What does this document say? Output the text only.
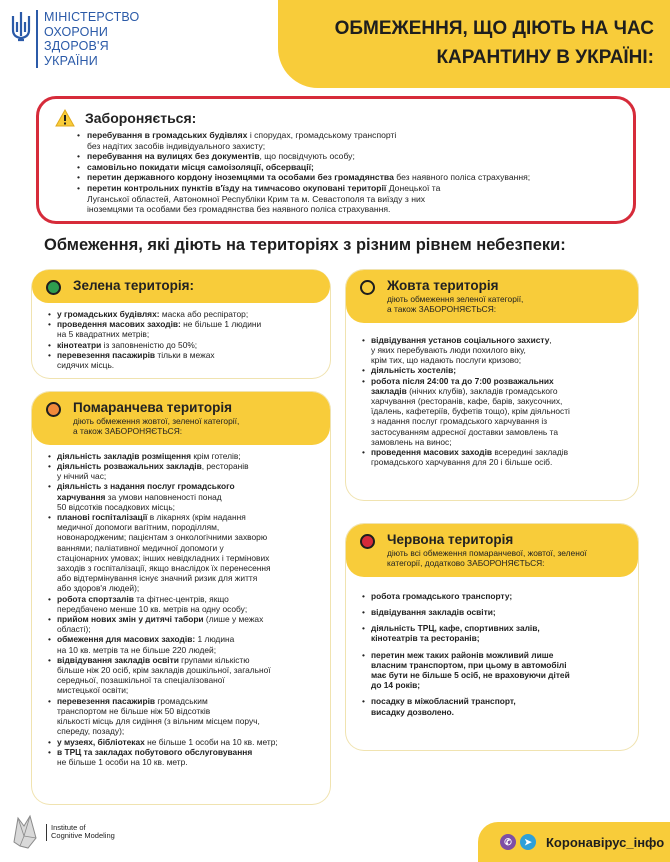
МІНІСТЕРСТВО
ОХОРОНИ
ЗДОРОВ'Я
УКРАЇНИ
ОБМЕЖЕННЯ, ЩО ДІЮТЬ НА ЧАС
КАРАНТИНУ В УКРАЇНІ:
Забороняється:
• перебування в громадських будівлях і спорудах, громадському транспорті
без надітих засобів індивідуального захисту;
• перебування на вулицях без документів, що посвідчують особу;
• самовільно покидати місця самоізоляції, обсервації;
• перетин державного кордону іноземцями та особами без громадянства без наявного поліса страхування;
• перетин контрольних пунктів в'їзду на тимчасово окуповані території Донецької та
Луганської областей, Автономної Республіки Крим та м. Севастополя та виїзду з них
іноземцями та особами без громадянства без наявного поліса страхування.
Обмеження, які діють на територіях з різним рівнем небезпеки:
Зелена територія:
• у громадських будівлях: маска або респіратор;
• проведення масових заходів: не більше 1 людини
на 5 квадратних метрів;
• кінотеатри із заповненістю до 50%;
• перевезення пасажирів тільки в межах
сидячих місць.
Помаранчева територія
діють обмеження жовтої, зеленої категорії,
а також ЗАБОРОНЯЄТЬСЯ:
• діяльність закладів розміщення крім готелів;
• діяльність розважальних закладів, ресторанів
у нічний час;
• діяльність з надання послуг громадського
харчування за умови наповненості понад
50 відсотків посадкових місць;
• планові госпіталізації в лікарнях (крім надання
медичної допомоги вагітним, породіллям,
новонародженим; пацієнтам з онкологічними захворю
ваннями; паліативної медичної допомоги у
стаціонарних умовах; інших невідкладних і термінових
заходів з госпіталізації, якщо внаслідок їх перенесення
або відтермінування існує значний ризик для життя
або здоров'я людей);
• робота спортзалів та фітнес-центрів, якщо
передбачено менше 10 кв. метрів на одну особу;
• прийом нових змін у дитячі табори (лише у межах
області);
• обмеження для масових заходів: 1 людина
на 10 кв. метрів та не більше 220 людей;
• відвідування закладів освіти групами кількістю
більше ніж 20 осіб, крім закладів дошкільної, загальної
середньої, позашкільної та спеціалізованої
мистецької освіти;
• перевезення пасажирів громадським
транспортом не більше ніж 50 відсотків
кількості місць для сидіння (з вільним місцем поруч,
спереду, позаду);
• у музеях, бібліотеках не більше 1 особи на 10 кв. метр;
• в ТРЦ та закладах побутового обслуговування
не більше 1 особи на 10 кв. метр.
Жовта територія
діють обмеження зеленої категорії,
а також ЗАБОРОНЯЄТЬСЯ:
• відвідування установ соціального захисту,
у яких перебувають люди похилого віку,
крім тих, що надають послуги кризово;
• діяльність хостелів;
• робота після 24:00 та до 7:00 розважальних
закладів (нічних клубів), закладів громадського
харчування (ресторанів, кафе, барів, закусочних,
їдалень, кафетеріїв, буфетів тощо), крім діяльності
з надання послуг громадського харчування із
застосуванням адресної доставки замовлень та
замовлень на винос;
• проведення масових заходів всередині закладів
громадського харчування для 20 і більше осіб.
Червона територія
діють всі обмеження помаранчевої, жовтої, зеленої
категорії, додатково ЗАБОРОНЯЄТЬСЯ:
• робота громадського транспорту;
• відвідування закладів освіти;
• діяльність ТРЦ, кафе, спортивних залів,
кінотеатрів та ресторанів;
• перетин меж таких районів можливий лише
власним транспортом, при цьому в автомобілі
має бути не більше 5 осіб, не враховуючи дітей
до 14 років;
• посадку в міжобласний транспорт,
висадку дозволено.
Institute of
Cognitive Modeling
✆	➤	Коронавірус_інфо
